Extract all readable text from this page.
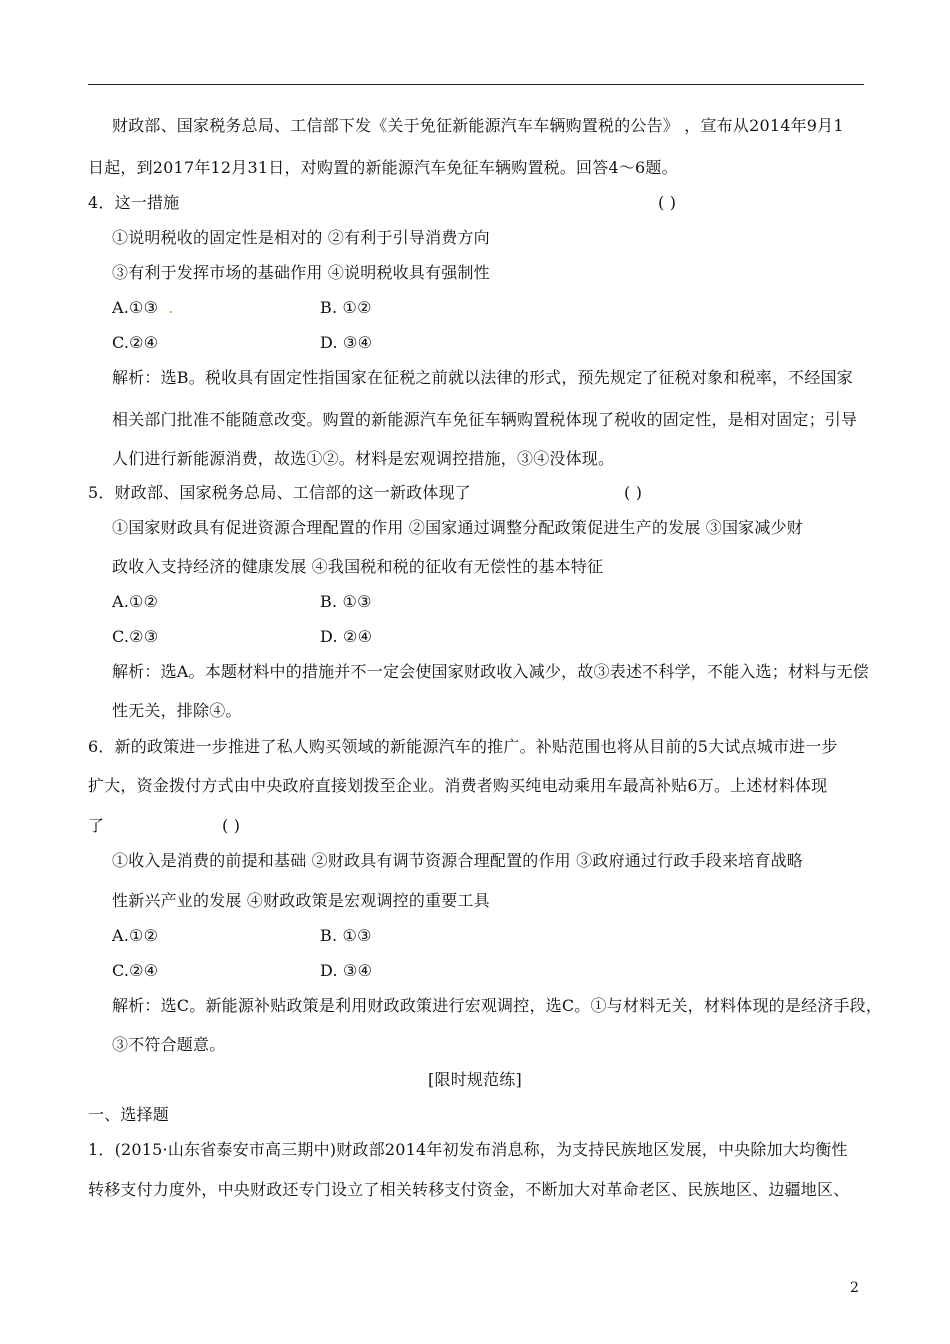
财政部、国家税务总局、工信部下发《关于免征新能源汽车车辆购置税的公告》 ，宣布从2014年9月1
日起，到2017年12月31日，对购置的新能源汽车免征车辆购置税。回答4～6题。
4．这一措施	( )
①说明税收的固定性是相对的 ②有利于引导消费方向
③有利于发挥市场的基础作用 ④说明税收具有强制性
A.①③ .	B. ①②
C.②④	D. ③④
解析：选B。税收具有固定性指国家在征税之前就以法律的形式，预先规定了征税对象和税率，不经国家
相关部门批准不能随意改变。购置的新能源汽车免征车辆购置税体现了税收的固定性，是相对固定；引导
人们进行新能源消费，故选①②。材料是宏观调控措施，③④没体现。
5．财政部、国家税务总局、工信部的这一新政体现了	( )
①国家财政具有促进资源合理配置的作用 ②国家通过调整分配政策促进生产的发展 ③国家减少财
政收入支持经济的健康发展 ④我国税和税的征收有无偿性的基本特征
A.①②	B. ①③
C.②③	D. ②④
解析：选A。本题材料中的措施并不一定会使国家财政收入减少，故③表述不科学，不能入选；材料与无偿
性无关，排除④。
6．新的政策进一步推进了私人购买领域的新能源汽车的推广。补贴范围也将从目前的5大试点城市进一步
扩大，资金拨付方式由中央政府直接划拨至企业。消费者购买纯电动乘用车最高补贴6万。上述材料体现
了	( )
①收入是消费的前提和基础 ②财政具有调节资源合理配置的作用 ③政府通过行政手段来培育战略
性新兴产业的发展 ④财政政策是宏观调控的重要工具
A.①②	B. ①③
C.②④	D. ③④
解析：选C。新能源补贴政策是利用财政政策进行宏观调控，选C。①与材料无关，材料体现的是经济手段，
③不符合题意。
[限时规范练]
一、选择题
1．(2015·山东省泰安市高三期中)财政部2014年初发布消息称，为支持民族地区发展，中央除加大均衡性
转移支付力度外，中央财政还专门设立了相关转移支付资金，不断加大对革命老区、民族地区、边疆地区、
2
